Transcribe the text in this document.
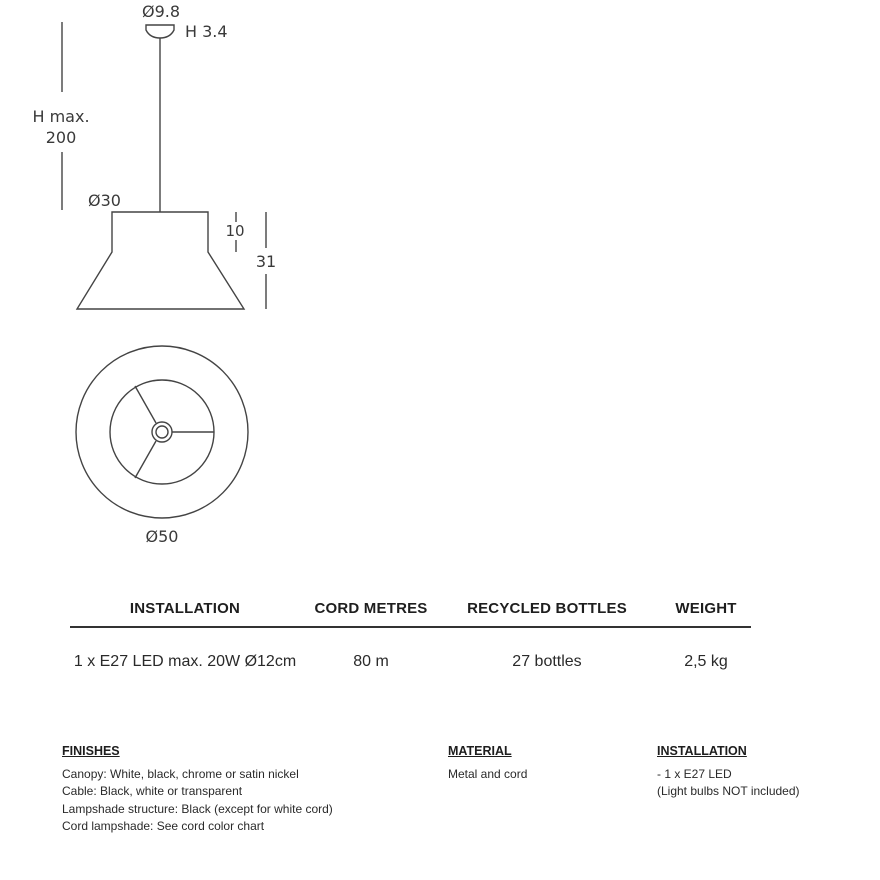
Ø9.8
H 3.4
H max.
200
Ø30
10
31
Ø50
INSTALLATION	CORD METRES	RECYCLED BOTTLES	WEIGHT
1 x E27 LED max. 20W Ø12cm	80 m	27 bottles	2,5 kg
FINISHES

Canopy: White, black, chrome or satin nickel

Cable: Black, white or transparent

Lampshade structure: Black (except for white cord)

Cord lampshade: See cord color chart

MATERIAL

Metal and cord

INSTALLATION

- 1 x E27 LED

(Light bulbs NOT included)
